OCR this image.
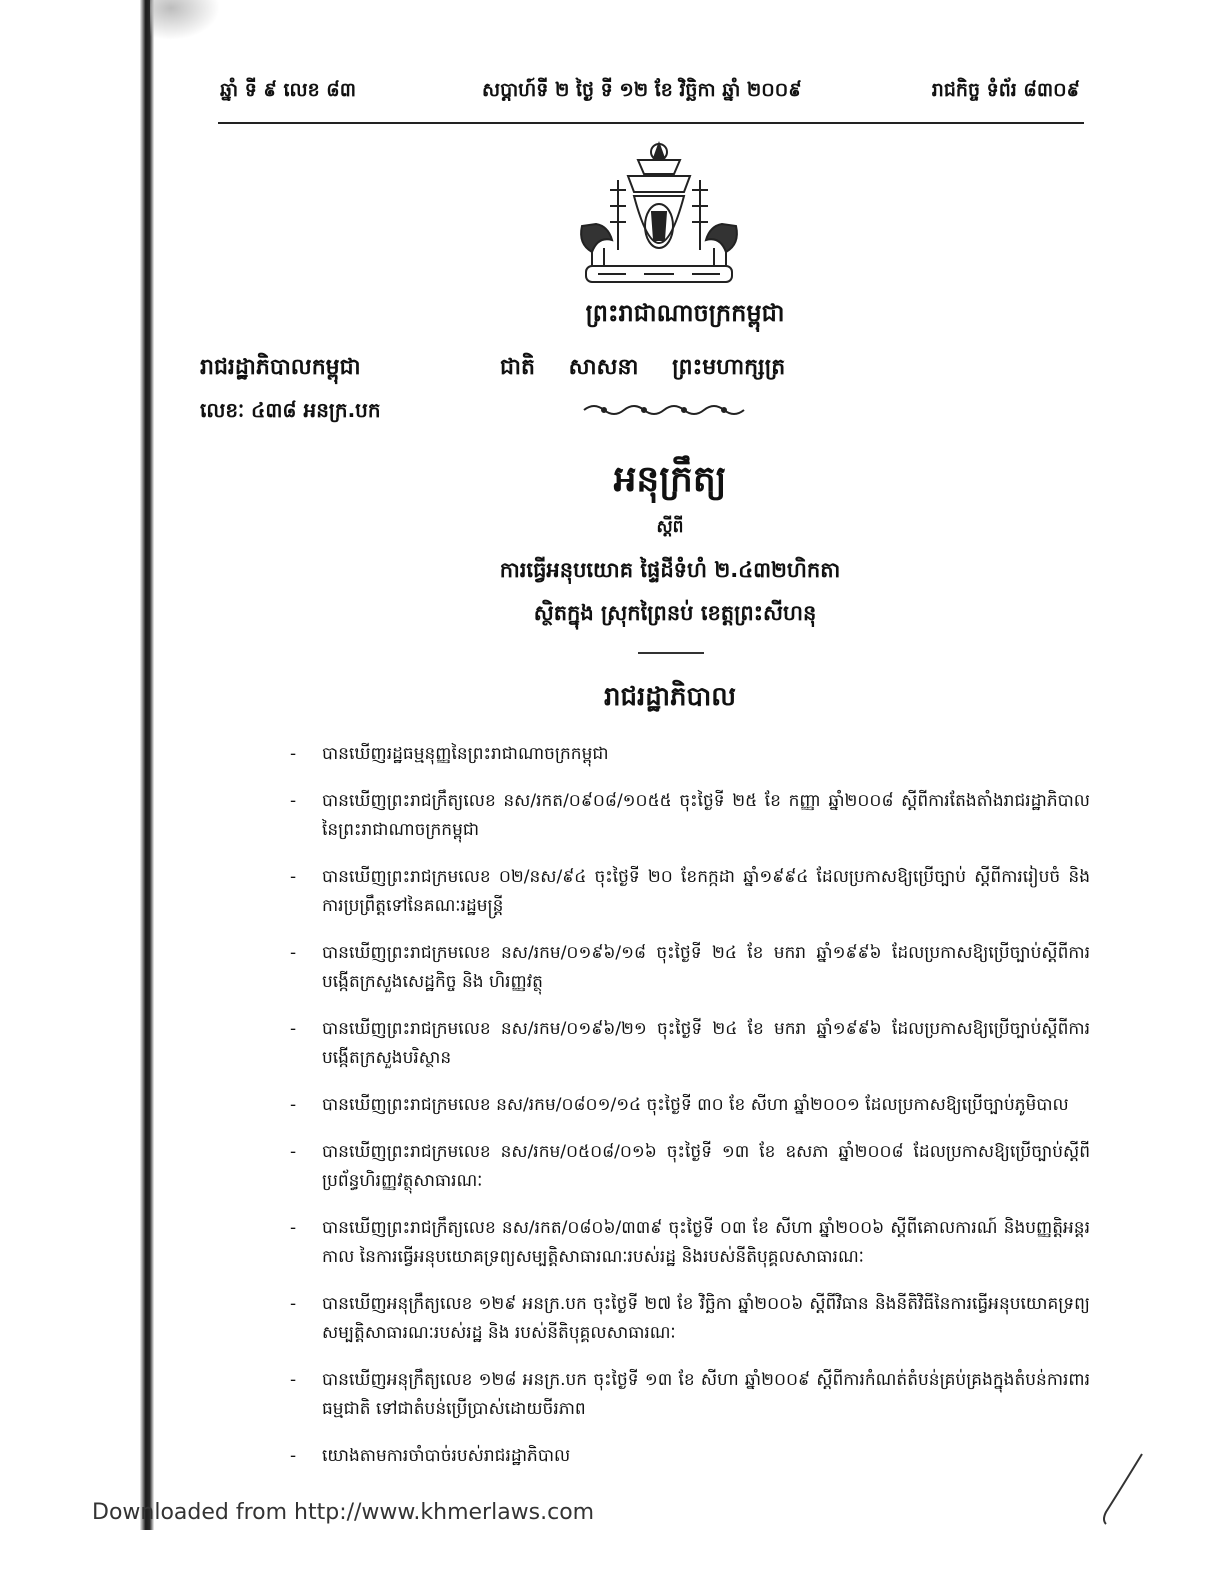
ឆ្នាំ ទី ៩ លេខ ៨៣	សប្តាហ៍ទី ២ ថ្ងៃ ទី ១២ ខែ វិច្ឆិកា ឆ្នាំ ២០០៩	រាជកិច្ច ទំព័រ ៨៣០៩
ព្រះរាជាណាចក្រកម្ពុជា
រាជរដ្ឋាភិបាលកម្ពុជា
លេខៈ ៤៣៨ អនក្រ.បក
ជាតិ សាសនា ព្រះមហាក្សត្រ
អនុក្រឹត្យ
ស្តីពី
ការធ្វើអនុបយោគ ផ្ទៃដីទំហំ ២.៤៣២ហិកតា
ស្ថិតក្នុង ស្រុកព្រៃនប់ ខេត្តព្រះសីហនុ
រាជរដ្ឋាភិបាល
- បានឃើញរដ្ឋធម្មនុញ្ញនៃព្រះរាជាណាចក្រកម្ពុជា
- បានឃើញព្រះរាជក្រឹត្យលេខ នស/រកត/០៩០៨/១០៥៥ ចុះថ្ងៃទី ២៥ ខែ កញ្ញា ឆ្នាំ២០០៨ ស្តីពីការតែងតាំងរាជរដ្ឋាភិបាល នៃព្រះរាជាណាចក្រកម្ពុជា
- បានឃើញព្រះរាជក្រមលេខ ០២/នស/៩៤ ចុះថ្ងៃទី ២០ ខែកក្កដា ឆ្នាំ១៩៩៤ ដែលប្រកាសឱ្យប្រើច្បាប់ ស្តីពីការរៀបចំ និង ការប្រព្រឹត្តទៅនៃគណៈរដ្ឋមន្ត្រី
- បានឃើញព្រះរាជក្រមលេខ នស/រកម/០១៩៦/១៨ ចុះថ្ងៃទី ២៤ ខែ មករា ឆ្នាំ១៩៩៦ ដែលប្រកាសឱ្យប្រើច្បាប់ស្តីពីការបង្កើតក្រសួងសេដ្ឋកិច្ច និង ហិរញ្ញវត្ថុ
- បានឃើញព្រះរាជក្រមលេខ នស/រកម/០១៩៦/២១ ចុះថ្ងៃទី ២៤ ខែ មករា ឆ្នាំ១៩៩៦ ដែលប្រកាសឱ្យប្រើច្បាប់ស្តីពីការបង្កើតក្រសួងបរិស្ថាន
- បានឃើញព្រះរាជក្រមលេខ នស/រកម/០៨០១/១៤ ចុះថ្ងៃទី ៣០ ខែ សីហា ឆ្នាំ២០០១ ដែលប្រកាសឱ្យប្រើច្បាប់ភូមិបាល
- បានឃើញព្រះរាជក្រមលេខ នស/រកម/០៥០៨/០១៦ ចុះថ្ងៃទី ១៣ ខែ ឧសភា ឆ្នាំ២០០៨ ដែលប្រកាសឱ្យប្រើច្បាប់ស្តីពីប្រព័ន្ធហិរញ្ញវត្ថុសាធារណៈ
- បានឃើញព្រះរាជក្រឹត្យលេខ នស/រកត/០៨០៦/៣៣៩ ចុះថ្ងៃទី ០៣ ខែ សីហា ឆ្នាំ២០០៦ ស្តីពីគោលការណ៍ និងបញ្ញត្តិអន្តរកាល នៃការធ្វើអនុបយោគទ្រព្យសម្បត្តិសាធារណៈរបស់រដ្ឋ និងរបស់នីតិបុគ្គលសាធារណៈ
- បានឃើញអនុក្រឹត្យលេខ ១២៩ អនក្រ.បក ចុះថ្ងៃទី ២៧ ខែ វិច្ឆិកា ឆ្នាំ២០០៦ ស្តីពីវិធាន និងនីតិវិធីនៃការធ្វើអនុបយោគទ្រព្យសម្បត្តិសាធារណៈរបស់រដ្ឋ និង របស់នីតិបុគ្គលសាធារណៈ
- បានឃើញអនុក្រឹត្យលេខ ១២៨ អនក្រ.បក ចុះថ្ងៃទី ១៣ ខែ សីហា ឆ្នាំ២០០៩ ស្តីពីការកំណត់តំបន់គ្រប់គ្រងក្នុងតំបន់ការពារធម្មជាតិ ទៅជាតំបន់ប្រើប្រាស់ដោយចីរភាព
- យោងតាមការចាំបាច់របស់រាជរដ្ឋាភិបាល
Downloaded from http://www.khmerlaws.com
